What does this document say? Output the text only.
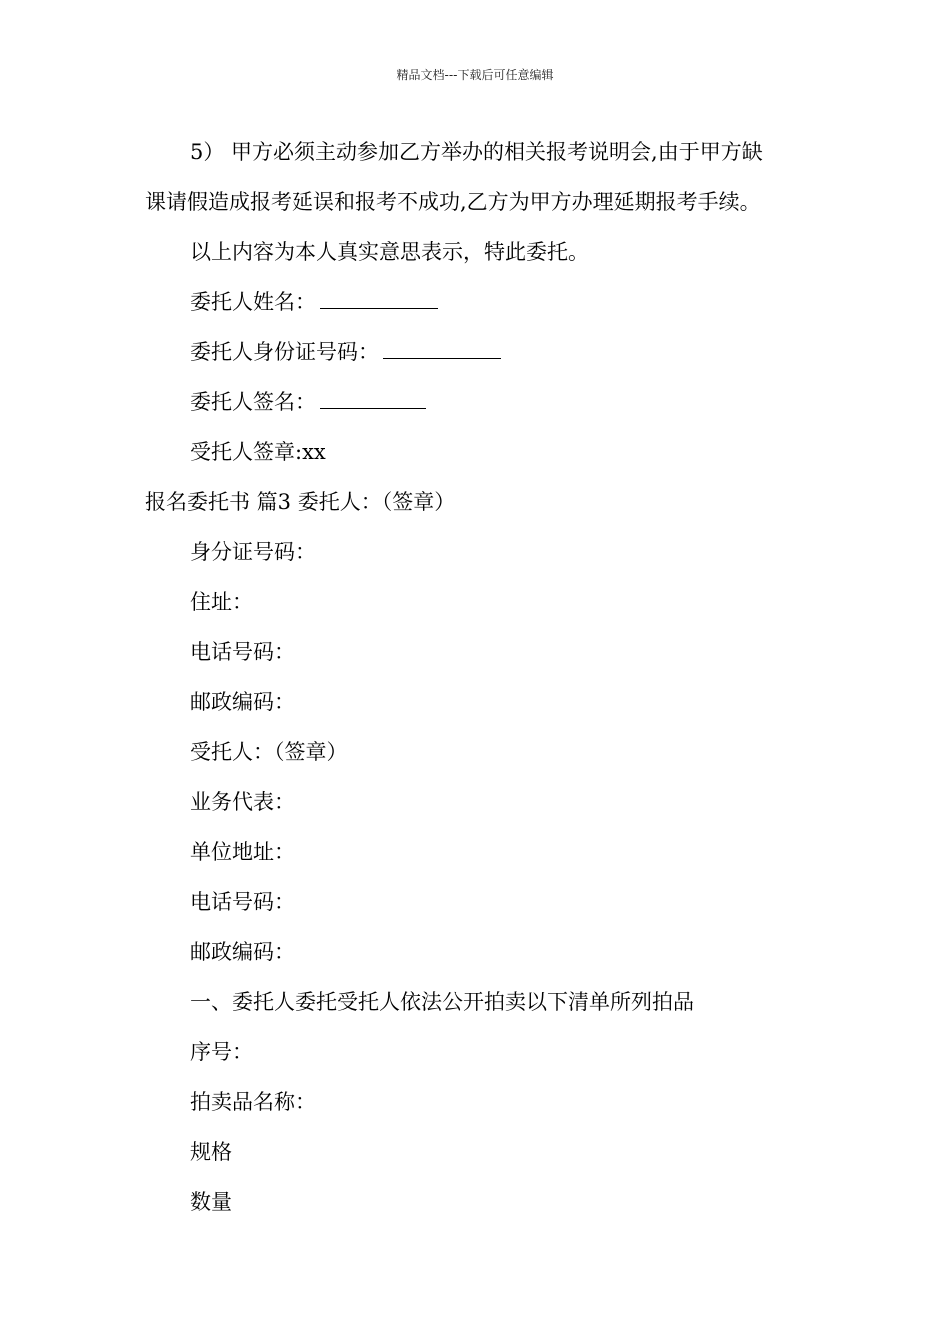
精品文档---下载后可任意编辑
5） 甲方必须主动参加乙方举办的相关报考说明会,由于甲方缺
课请假造成报考延误和报考不成功,乙方为甲方办理延期报考手续。
以上内容为本人真实意思表示，特此委托。
委托人姓名：
委托人身份证号码：
委托人签名：
受托人签章:xx
报名委托书 篇3 委托人：（签章）
身分证号码：
住址：
电话号码：
邮政编码：
受托人：（签章）
业务代表：
单位地址：
电话号码：
邮政编码：
一、委托人委托受托人依法公开拍卖以下清单所列拍品
序号：
拍卖品名称：
规格
数量
